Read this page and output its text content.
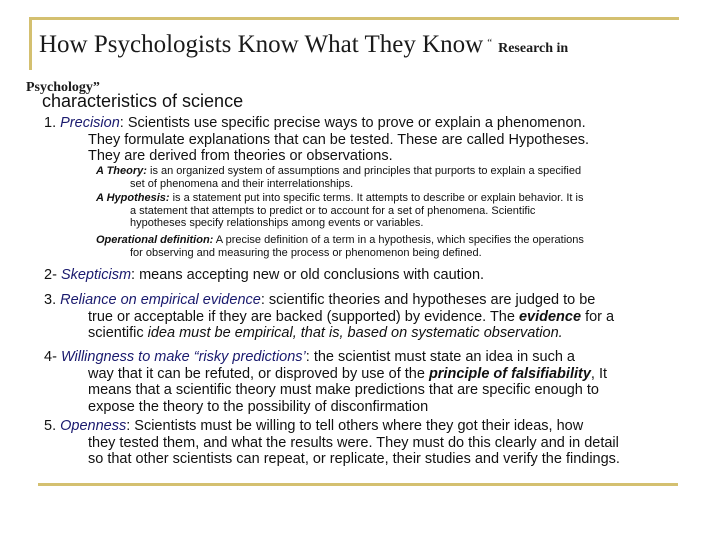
How Psychologists Know What They Know “ Research in
Psychology”
characteristics of science
1. Precision: Scientists use specific precise ways to prove or explain a phenomenon.
They formulate explanations that can be tested. These are called Hypotheses.
They are derived from theories or observations.
A Theory: is an organized system of assumptions and principles that purports to explain a specified
set of phenomena and their interrelationships.
A Hypothesis: is a statement put into specific terms. It attempts to describe or explain behavior. It is
a statement that attempts to predict or to account for a set of phenomena. Scientific
hypotheses specify relationships among events or variables.
Operational definition: A precise definition of a term in a hypothesis, which specifies the operations
for observing and measuring the process or phenomenon being defined.
2- Skepticism: means accepting new or old conclusions with caution.
3. Reliance on empirical evidence: scientific theories and hypotheses are judged to be
true or acceptable if they are backed (supported) by evidence. The evidence for a
scientific idea must be empirical, that is, based on systematic observation.
4- Willingness to make “risky predictions’: the scientist must state an idea in such a
way that it can be refuted, or disproved by use of the principle of falsifiability, It
means that a scientific theory must make predictions that are specific enough to
expose the theory to the possibility of disconfirmation
5. Openness: Scientists must be willing to tell others where they got their ideas, how
they tested them, and what the results were. They must do this clearly and in detail
so that other scientists can repeat, or replicate, their studies and verify the findings.
